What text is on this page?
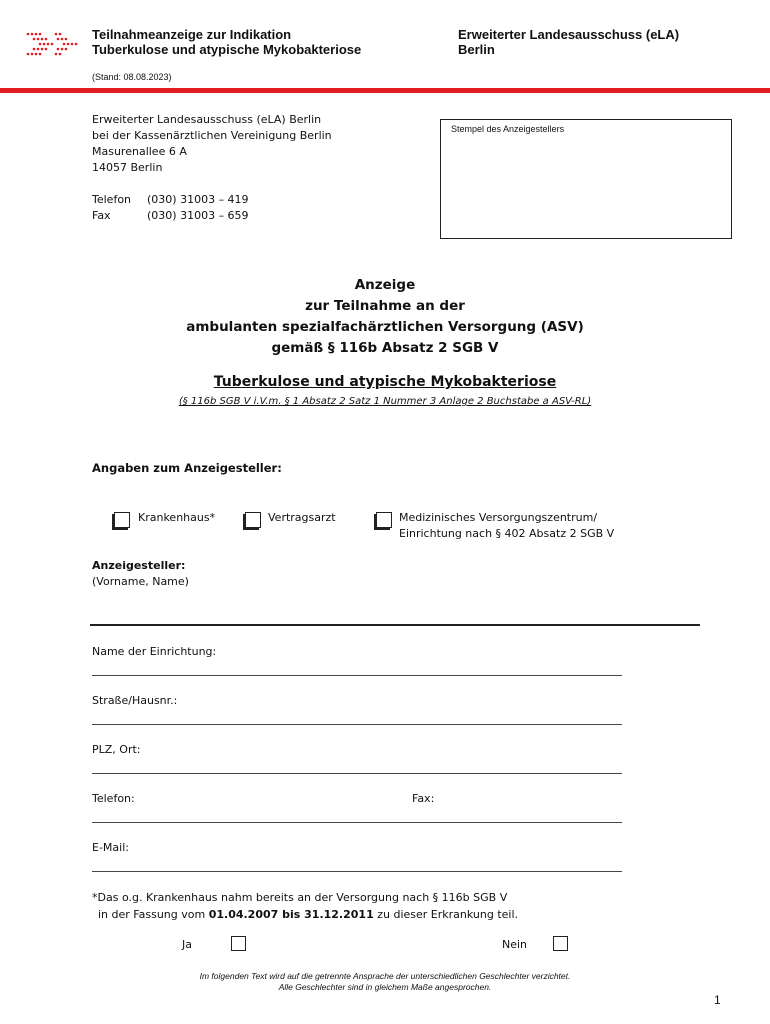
Teilnahmeanzeige zur Indikation
Tuberkulose und atypische Mykobakteriose
Erweiterter Landesausschuss (eLA)
Berlin
(Stand: 08.08.2023)
Erweiterter Landesausschuss (eLA) Berlin
bei der Kassenärztlichen Vereinigung Berlin
Masurenallee 6 A
14057 Berlin
Telefon (030) 31003 – 419
Fax	(030) 31003 – 659
Stempel des Anzeigestellers
Anzeige
zur Teilnahme an der
ambulanten spezialfachärztlichen Versorgung (ASV)
gemäß § 116b Absatz 2 SGB V
Tuberkulose und atypische Mykobakteriose
(§ 116b SGB V i.V.m. § 1 Absatz 2 Satz 1 Nummer 3 Anlage 2 Buchstabe a ASV-RL)
Angaben zum Anzeigesteller:
Krankenhaus*	Vertragsarzt	Medizinisches Versorgungszentrum/
Einrichtung nach § 402 Absatz 2 SGB V
Anzeigesteller:
(Vorname, Name)
Name der Einrichtung:
Straße/Hausnr.:
PLZ, Ort:
Telefon:	Fax:
E-Mail:
*Das o.g. Krankenhaus nahm bereits an der Versorgung nach § 116b SGB V
in der Fassung vom 01.04.2007 bis 31.12.2011 zu dieser Erkrankung teil.
Ja	Nein
Im folgenden Text wird auf die getrennte Ansprache der unterschiedlichen Geschlechter verzichtet.
Alle Geschlechter sind in gleichem Maße angesprochen.
1
